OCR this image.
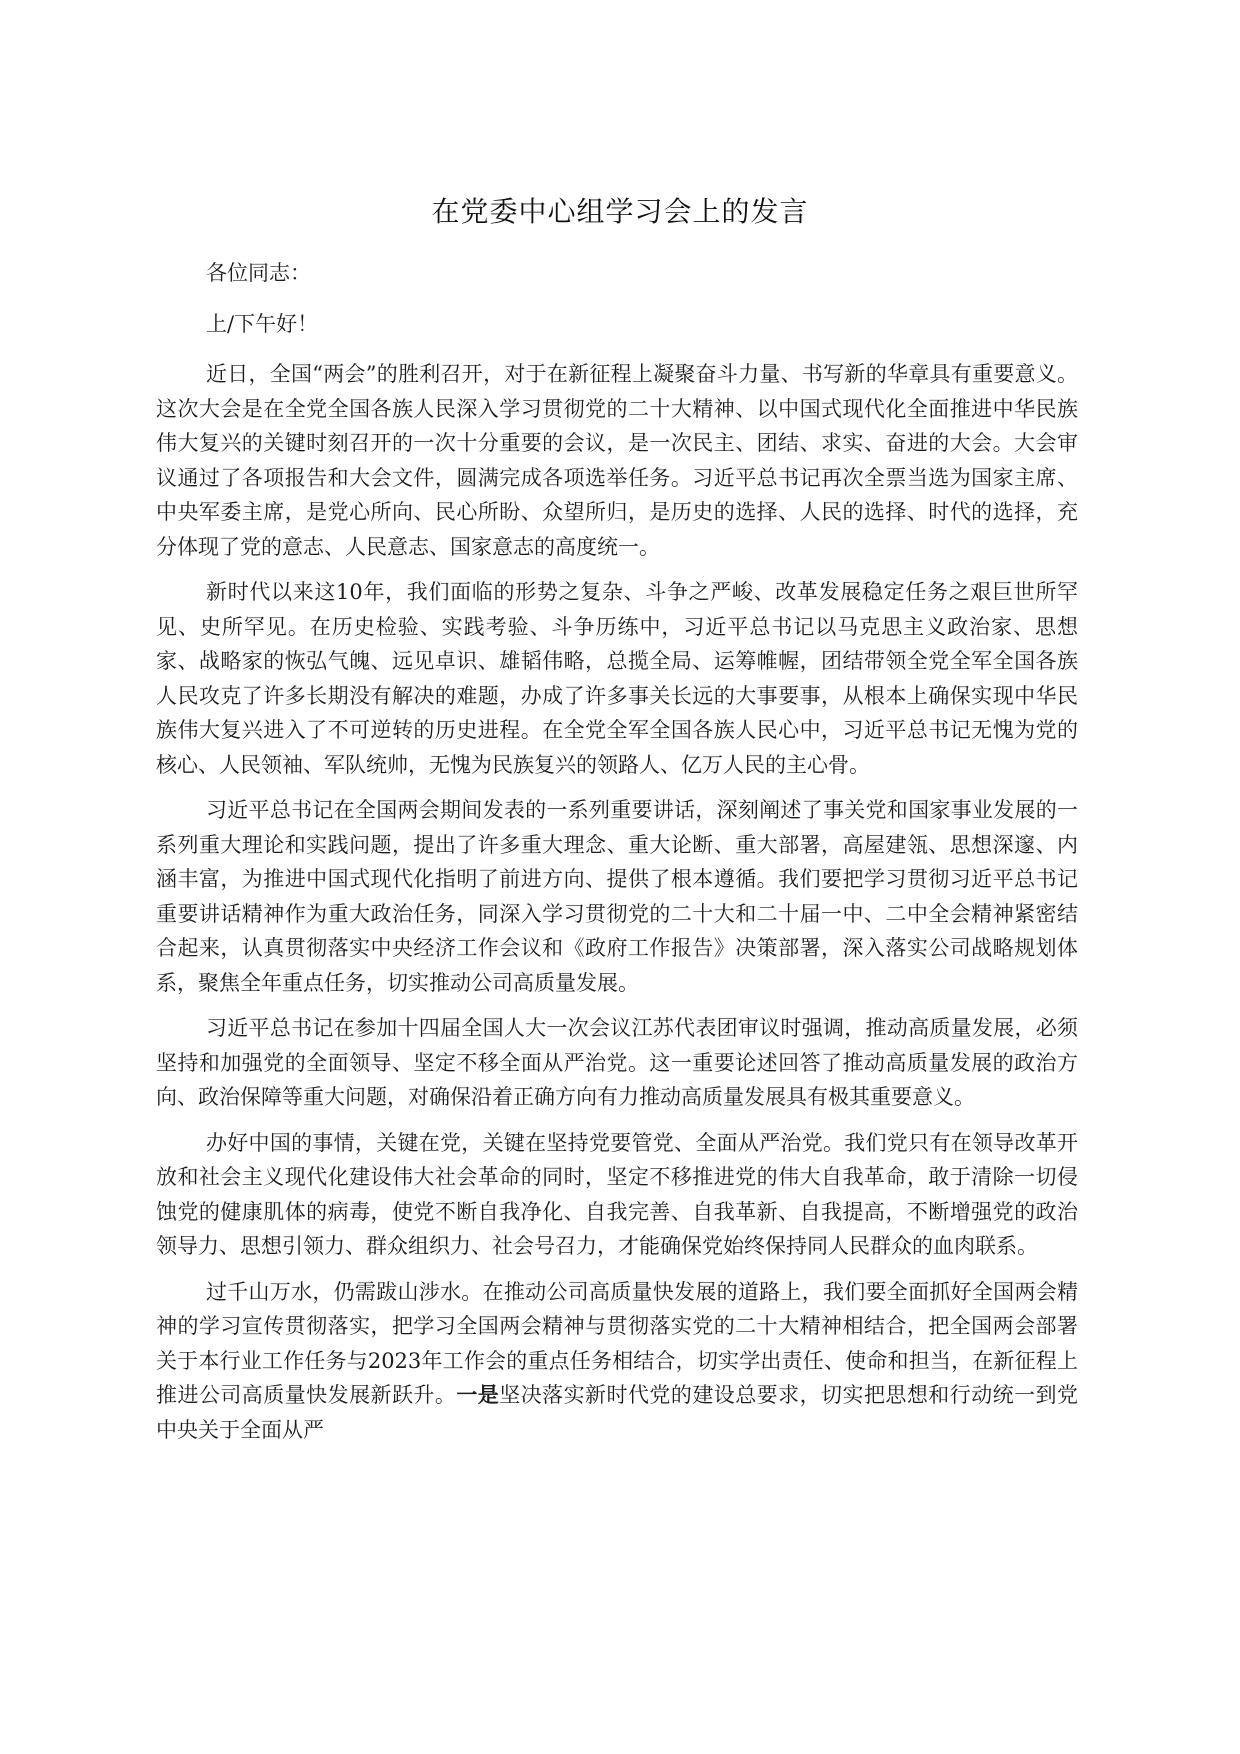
在党委中心组学习会上的发言

各位同志：

上/下午好！

近日，全国“两会”的胜利召开，对于在新征程上凝聚奋斗力量、书写新的华章具有重要意义。这次大会是在全党全国各族人民深入学习贯彻党的二十大精神、以中国式现代化全面推进中华民族伟大复兴的关键时刻召开的一次十分重要的会议，是一次民主、团结、求实、奋进的大会。大会审议通过了各项报告和大会文件，圆满完成各项选举任务。习近平总书记再次全票当选为国家主席、中央军委主席，是党心所向、民心所盼、众望所归，是历史的选择、人民的选择、时代的选择，充分体现了党的意志、人民意志、国家意志的高度统一。

新时代以来这10年，我们面临的形势之复杂、斗争之严峻、改革发展稳定任务之艰巨世所罕见、史所罕见。在历史检验、实践考验、斗争历练中，习近平总书记以马克思主义政治家、思想家、战略家的恢弘气魄、远见卓识、雄韬伟略，总揽全局、运筹帷幄，团结带领全党全军全国各族人民攻克了许多长期没有解决的难题，办成了许多事关长远的大事要事，从根本上确保实现中华民族伟大复兴进入了不可逆转的历史进程。在全党全军全国各族人民心中，习近平总书记无愧为党的核心、人民领袖、军队统帅，无愧为民族复兴的领路人、亿万人民的主心骨。

习近平总书记在全国两会期间发表的一系列重要讲话，深刻阐述了事关党和国家事业发展的一系列重大理论和实践问题，提出了许多重大理念、重大论断、重大部署，高屋建瓴、思想深邃、内涵丰富，为推进中国式现代化指明了前进方向、提供了根本遵循。我们要把学习贯彻习近平总书记重要讲话精神作为重大政治任务，同深入学习贯彻党的二十大和二十届一中、二中全会精神紧密结合起来，认真贯彻落实中央经济工作会议和《政府工作报告》决策部署，深入落实公司战略规划体系，聚焦全年重点任务，切实推动公司高质量发展。

习近平总书记在参加十四届全国人大一次会议江苏代表团审议时强调，推动高质量发展，必须坚持和加强党的全面领导、坚定不移全面从严治党。这一重要论述回答了推动高质量发展的政治方向、政治保障等重大问题，对确保沿着正确方向有力推动高质量发展具有极其重要意义。

办好中国的事情，关键在党，关键在坚持党要管党、全面从严治党。我们党只有在领导改革开放和社会主义现代化建设伟大社会革命的同时，坚定不移推进党的伟大自我革命，敢于清除一切侵蚀党的健康肌体的病毒，使党不断自我净化、自我完善、自我革新、自我提高，不断增强党的政治领导力、思想引领力、群众组织力、社会号召力，才能确保党始终保持同人民群众的血肉联系。

过千山万水，仍需跋山涉水。在推动公司高质量快发展的道路上，我们要全面抓好全国两会精神的学习宣传贯彻落实，把学习全国两会精神与贯彻落实党的二十大精神相结合，把全国两会部署关于本行业工作任务与2023年工作会的重点任务相结合，切实学出责任、使命和担当，在新征程上推进公司高质量快发展新跃升。一是坚决落实新时代党的建设总要求，切实把思想和行动统一到党中央关于全面从严
